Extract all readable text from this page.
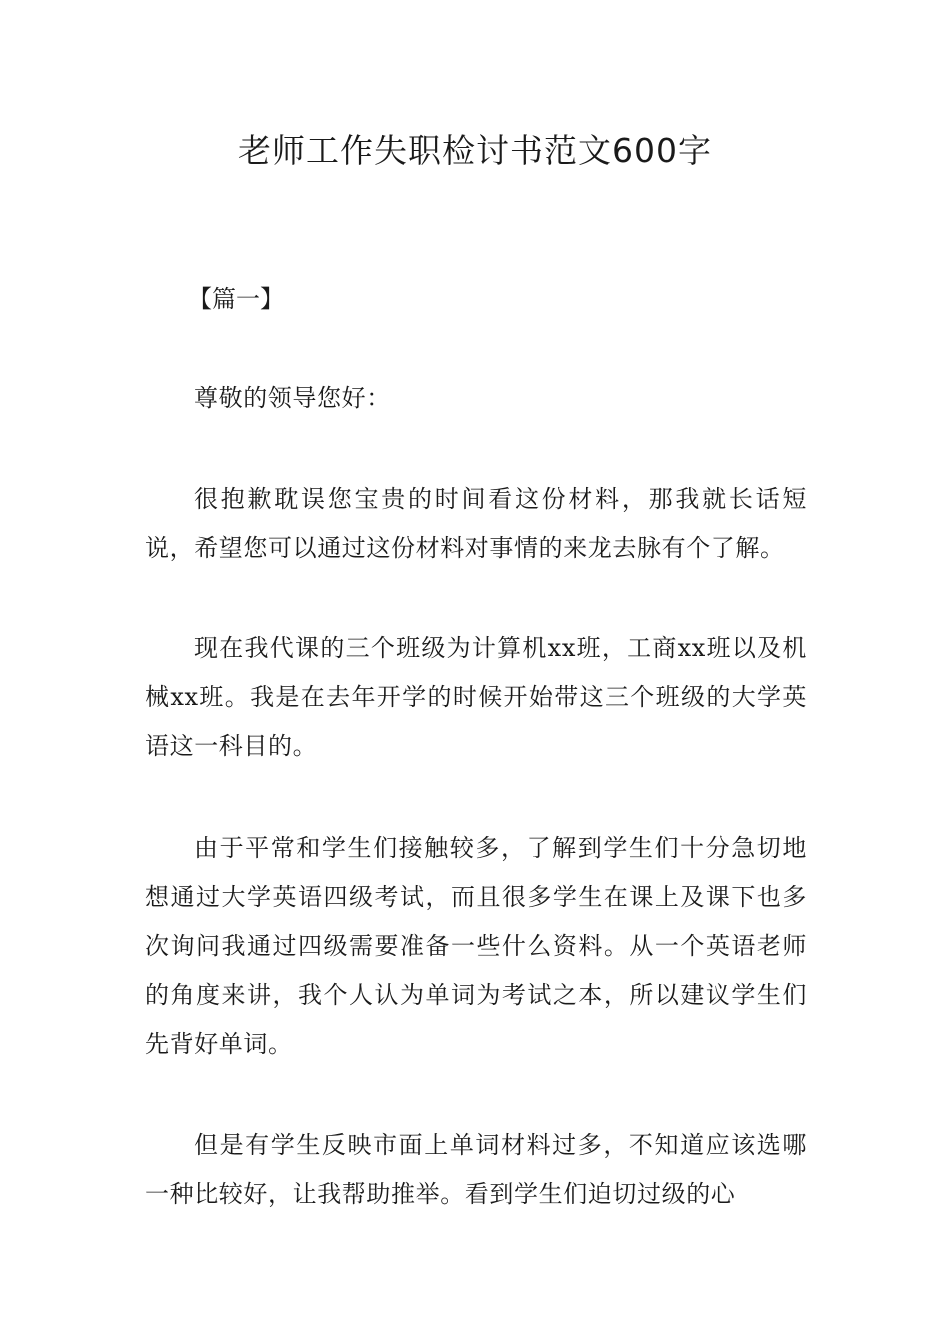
老师工作失职检讨书范文600字

【篇一】

尊敬的领导您好：

很抱歉耽误您宝贵的时间看这份材料，那我就长话短说，希望您可以通过这份材料对事情的来龙去脉有个了解。

现在我代课的三个班级为计算机xx班，工商xx班以及机械xx班。我是在去年开学的时候开始带这三个班级的大学英语这一科目的。

由于平常和学生们接触较多，了解到学生们十分急切地想通过大学英语四级考试，而且很多学生在课上及课下也多次询问我通过四级需要准备一些什么资料。从一个英语老师的角度来讲，我个人认为单词为考试之本，所以建议学生们先背好单词。

但是有学生反映市面上单词材料过多，不知道应该选哪一种比较好，让我帮助推举。看到学生们迫切过级的心
